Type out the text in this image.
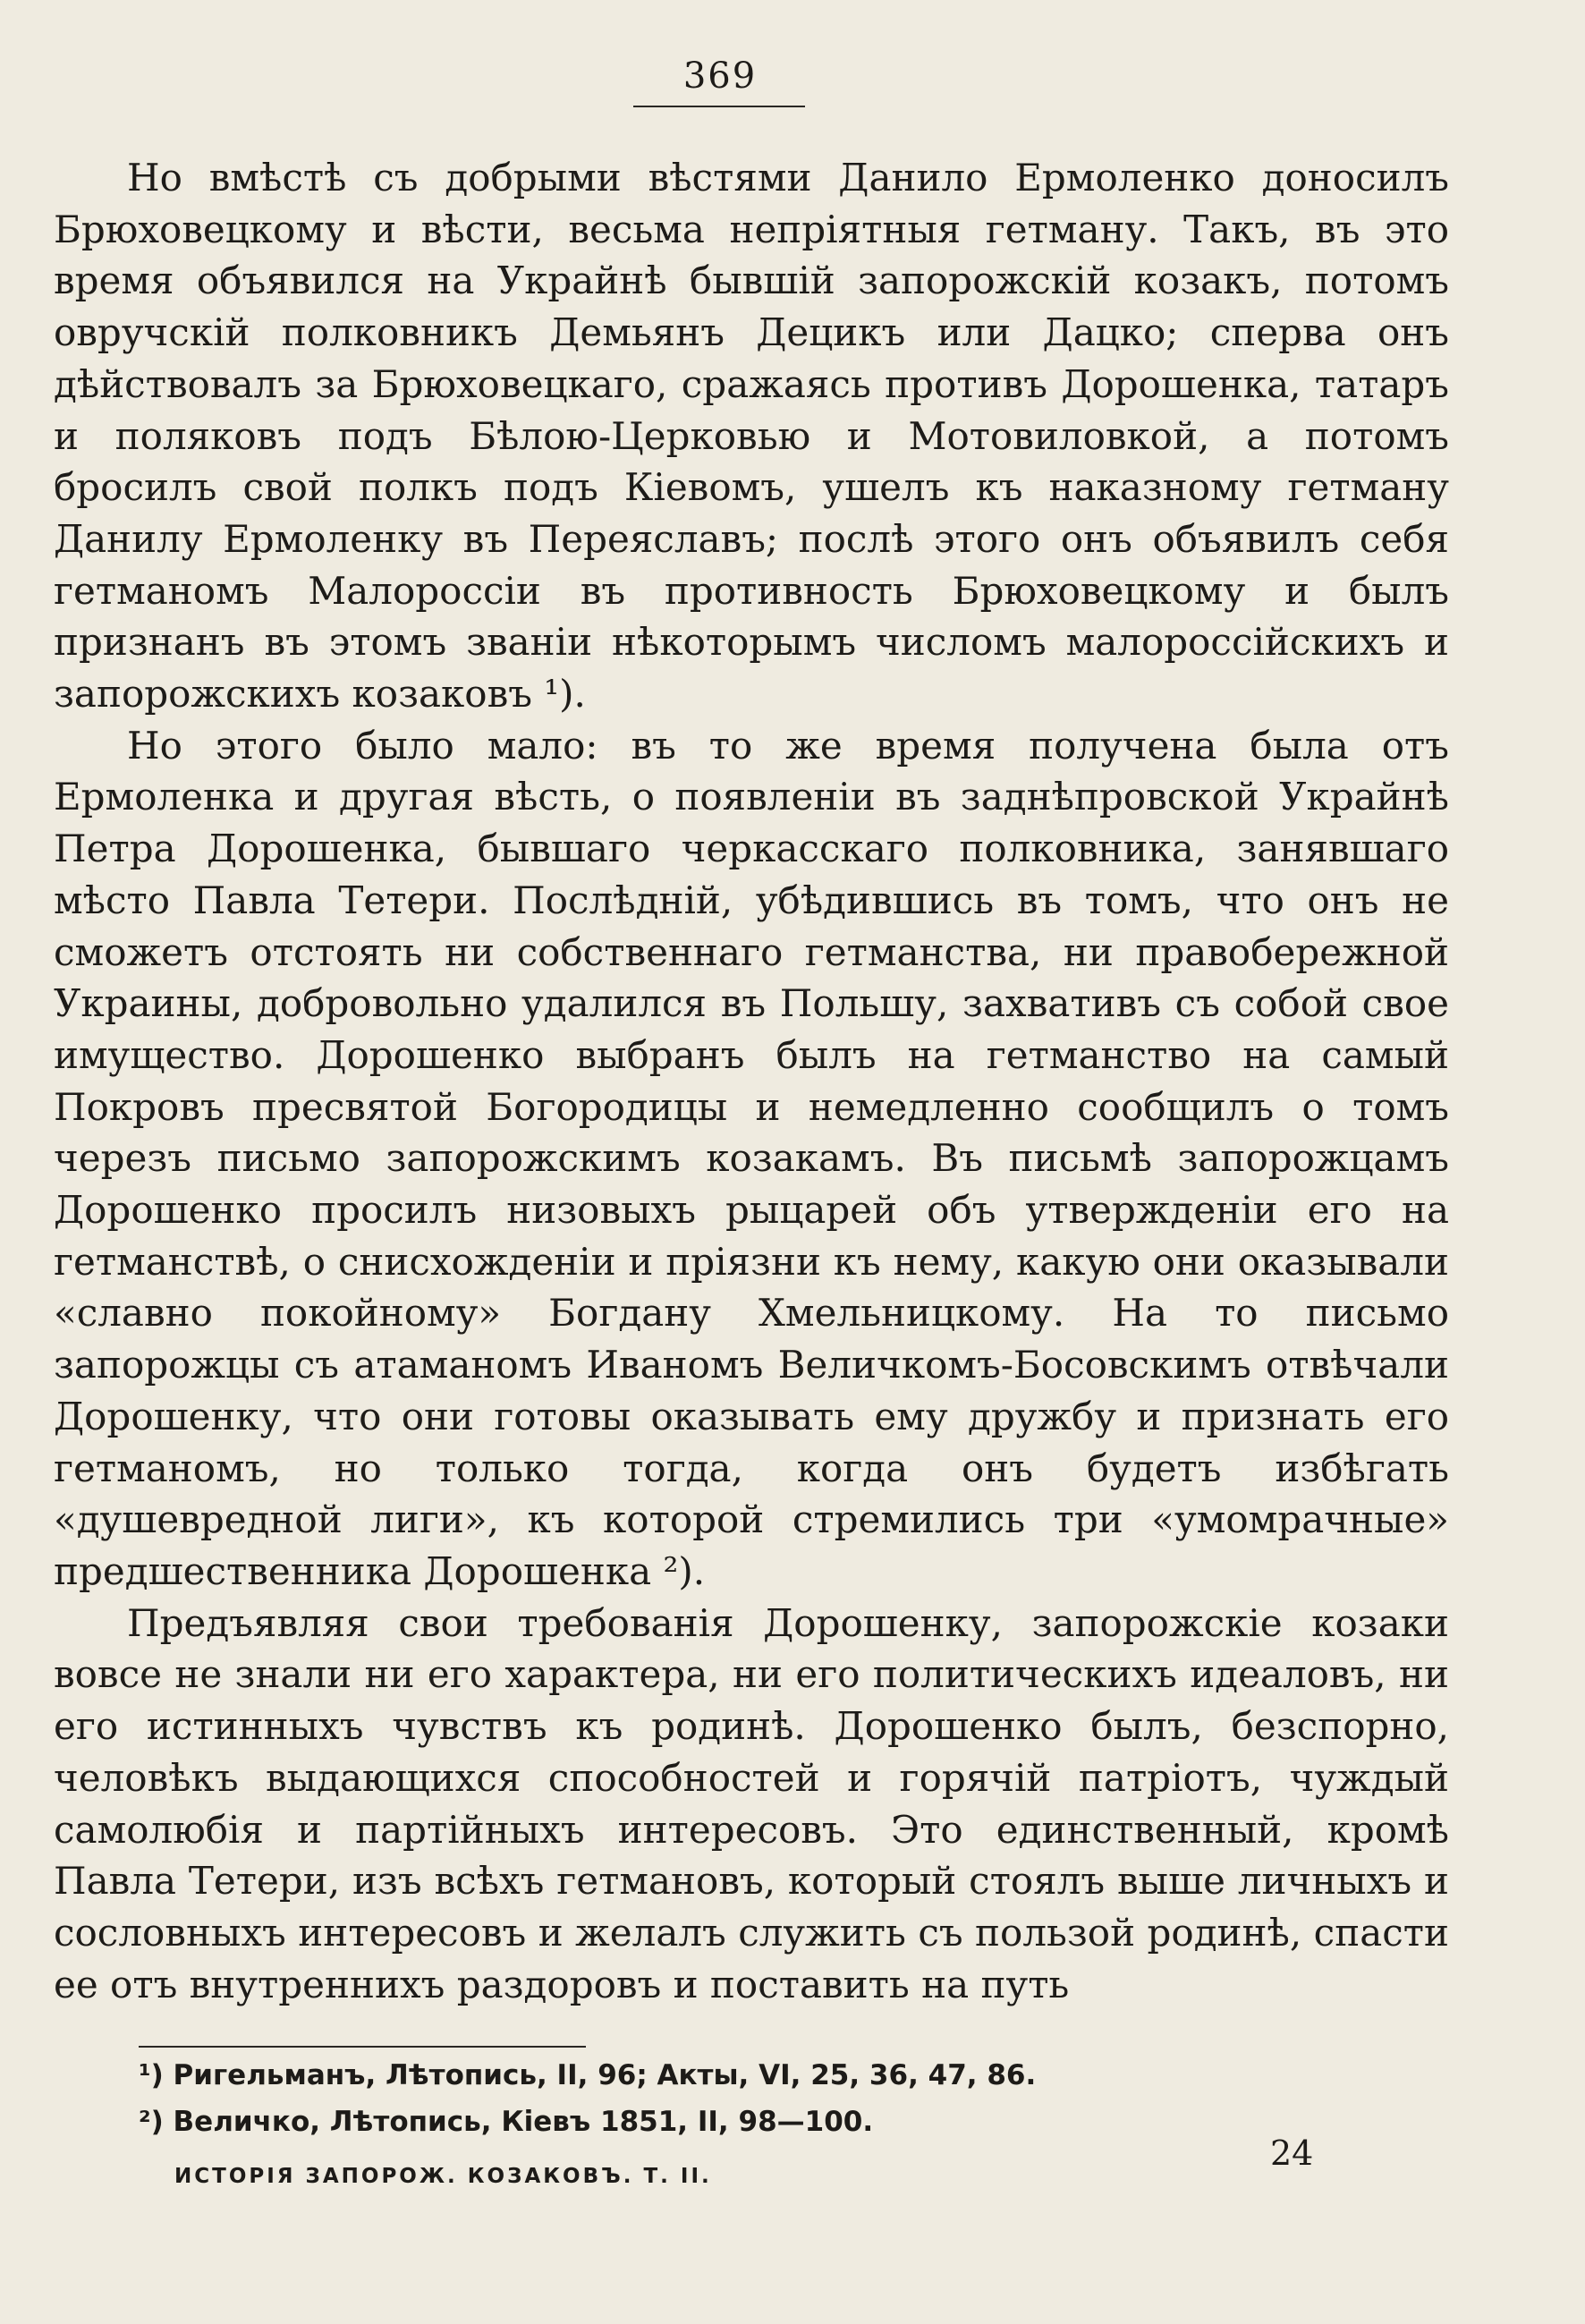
369

Но вмѣстѣ съ добрыми вѣстями Данило Ермоленко доносилъ Брюховецкому и вѣсти, весьма непріятныя гетману. Такъ, въ это время объявился на Украйнѣ бывшій запорожскій козакъ, потомъ овручскій полковникъ Демьянъ Децикъ или Дацко; сперва онъ дѣйствовалъ за Брюховецкаго, сражаясь противъ Дорошенка, татаръ и поляковъ подъ Бѣлою-Церковью и Мотовиловкой, а потомъ бросилъ свой полкъ подъ Кіевомъ, ушелъ къ наказному гетману Данилу Ермоленку въ Переяславъ; послѣ этого онъ объявилъ себя гетманомъ Малороссіи въ противность Брюховецкому и былъ признанъ въ этомъ званіи нѣкоторымъ числомъ малороссійскихъ и запорожскихъ козаковъ ¹).

Но этого было мало: въ то же время получена была отъ Ермоленка и другая вѣсть, о появленіи въ заднѣпровской Украйнѣ Петра Дорошенка, бывшаго черкасскаго полковника, занявшаго мѣсто Павла Тетери. Послѣдній, убѣдившись въ томъ, что онъ не сможетъ отстоять ни собственнаго гетманства, ни правобережной Украины, добровольно удалился въ Польшу, захвативъ съ собой свое имущество. Дорошенко выбранъ былъ на гетманство на самый Покровъ пресвятой Богородицы и немедленно сообщилъ о томъ черезъ письмо запорожскимъ козакамъ. Въ письмѣ запорожцамъ Дорошенко просилъ низовыхъ рыцарей объ утвержденіи его на гетманствѣ, о снисхожденіи и пріязни къ нему, какую они оказывали «славно покойному» Богдану Хмельницкому. На то письмо запорожцы съ атаманомъ Иваномъ Величкомъ-Босовскимъ отвѣчали Дорошенку, что они готовы оказывать ему дружбу и признать его гетманомъ, но только тогда, когда онъ будетъ избѣгать «душевредной лиги», къ которой стремились три «умомрачные» предшественника Дорошенка ²).

Предъявляя свои требованія Дорошенку, запорожскіе козаки вовсе не знали ни его характера, ни его политическихъ идеаловъ, ни его истинныхъ чувствъ къ родинѣ. Дорошенко былъ, безспорно, человѣкъ выдающихся способностей и горячій патріотъ, чуждый самолюбія и партійныхъ интересовъ. Это единственный, кромѣ Павла Тетери, изъ всѣхъ гетмановъ, который стоялъ выше личныхъ и сословныхъ интересовъ и желалъ служить съ пользой родинѣ, спасти ее отъ внутреннихъ раздоровъ и поставить на путь

¹) Ригельманъ, Лѣтопись, II, 96; Акты, VI, 25, 36, 47, 86.
²) Величко, Лѣтопись, Кіевъ 1851, II, 98—100.
ИСТОРІЯ ЗАПОРОЖ. КОЗАКОВЪ. Т. II.
24
